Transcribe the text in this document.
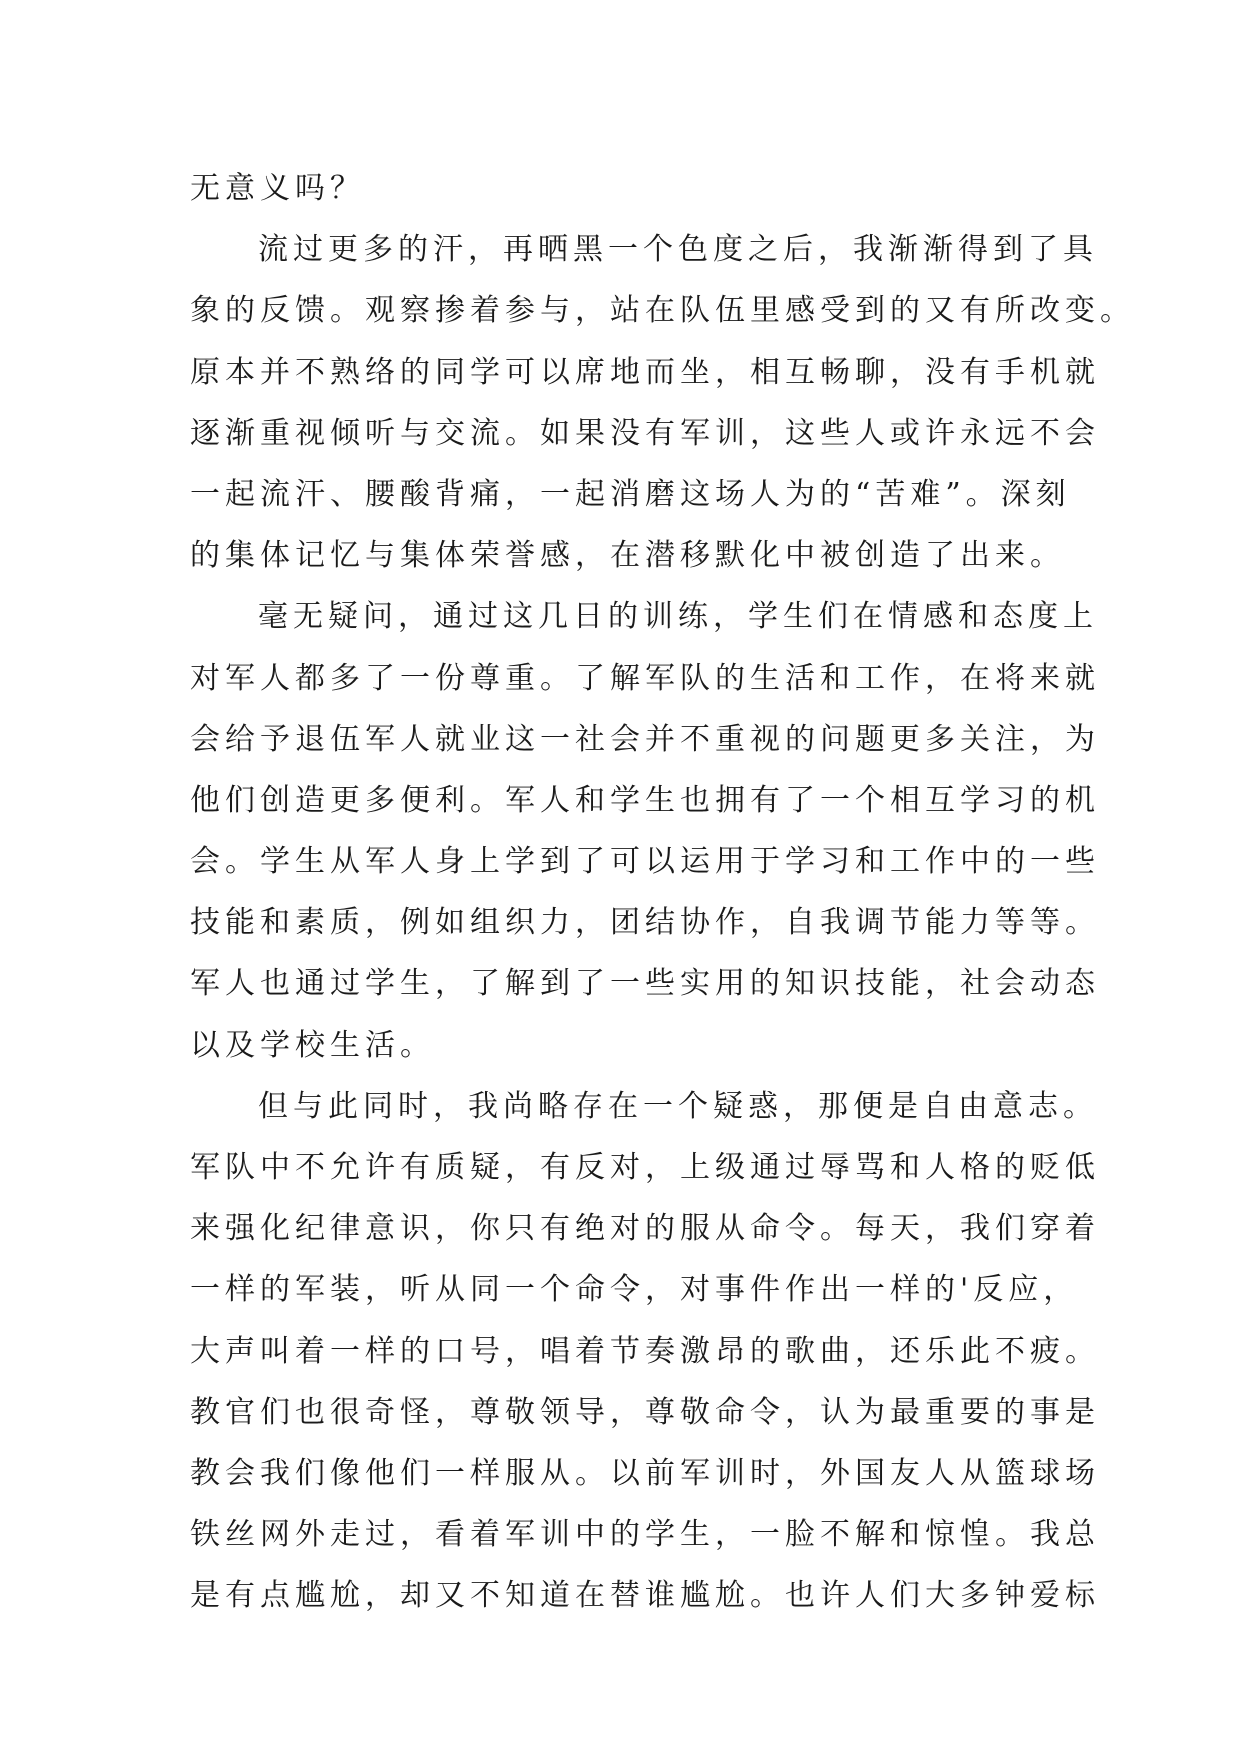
无意义吗？
流过更多的汗，再晒黑一个色度之后，我渐渐得到了具
象的反馈。观察掺着参与，站在队伍里感受到的又有所改变。
原本并不熟络的同学可以席地而坐，相互畅聊，没有手机就
逐渐重视倾听与交流。如果没有军训，这些人或许永远不会
一起流汗、腰酸背痛，一起消磨这场人为的“苦难”。深刻
的集体记忆与集体荣誉感，在潜移默化中被创造了出来。
毫无疑问，通过这几日的训练，学生们在情感和态度上
对军人都多了一份尊重。了解军队的生活和工作，在将来就
会给予退伍军人就业这一社会并不重视的问题更多关注，为
他们创造更多便利。军人和学生也拥有了一个相互学习的机
会。学生从军人身上学到了可以运用于学习和工作中的一些
技能和素质，例如组织力，团结协作，自我调节能力等等。
军人也通过学生，了解到了一些实用的知识技能，社会动态
以及学校生活。
但与此同时，我尚略存在一个疑惑，那便是自由意志。
军队中不允许有质疑，有反对，上级通过辱骂和人格的贬低
来强化纪律意识，你只有绝对的服从命令。每天，我们穿着
一样的军装，听从同一个命令，对事件作出一样的'反应，
大声叫着一样的口号，唱着节奏激昂的歌曲，还乐此不疲。
教官们也很奇怪，尊敬领导，尊敬命令，认为最重要的事是
教会我们像他们一样服从。以前军训时，外国友人从篮球场
铁丝网外走过，看着军训中的学生，一脸不解和惊惶。我总
是有点尴尬，却又不知道在替谁尴尬。也许人们大多钟爱标
